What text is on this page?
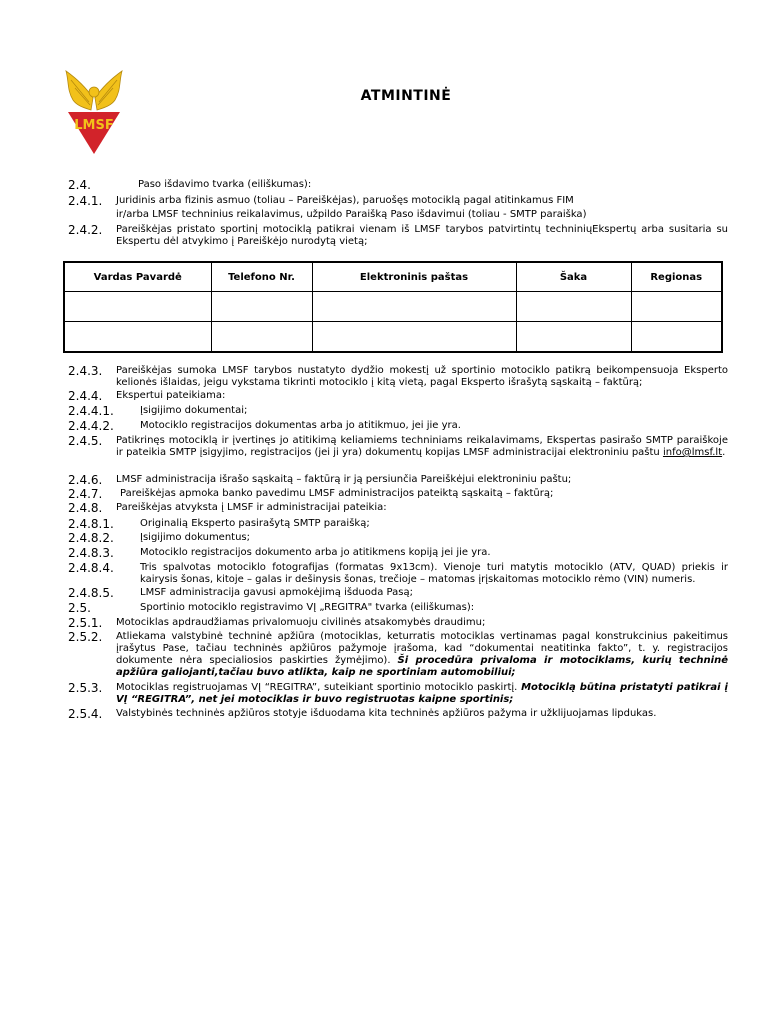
LMSF
ATMINTINĖ
2.4.	Paso išdavimo tvarka (eiliškumas):
2.4.1. Juridinis arba fizinis asmuo (toliau – Pareiškėjas), paruošęs motociklą pagal atitinkamus FIM
ir/arba LMSF techninius reikalavimus, užpildo Paraišką Paso išdavimui (toliau - SMTP paraiška)
2.4.2. Pareiškėjas pristato sportinį motociklą patikrai vienam iš LMSF tarybos patvirtintų techniniųEkspertų arba susitaria su Ekspertu dėl atvykimo į Pareiškėjo nurodytą vietą;
Vardas Pavardė	Telefono Nr.	Elektroninis paštas	Šaka	Regionas

2.4.3. Pareiškėjas sumoka LMSF tarybos nustatyto dydžio mokestį už sportinio motociklo patikrą beikompensuoja Eksperto kelionės išlaidas, jeigu vykstama tikrinti motociklo į kitą vietą, pagal Eksperto išrašytą sąskaitą – faktūrą;
2.4.4. Ekspertui pateikiama:
2.4.4.1.	Įsigijimo dokumentai;
2.4.4.2.	Motociklo registracijos dokumentas arba jo atitikmuo, jei jie yra.
2.4.5. Patikrinęs motociklą ir įvertinęs jo atitikimą keliamiems techniniams reikalavimams, Ekspertas pasirašo SMTP paraiškoje ir pateikia SMTP įsigyjimo, registracijos (jei ji yra) dokumentų kopijas LMSF administracijai elektroniniu paštu info@lmsf.lt.
2.4.6. LMSF administracija išrašo sąskaitą – faktūrą ir ją persiunčia Pareiškėjui elektroniniu paštu;
2.4.7. Pareiškėjas apmoka banko pavedimu LMSF administracijos pateiktą sąskaitą – faktūrą;
2.4.8. Pareiškėjas atvyksta į LMSF ir administracijai pateikia:
2.4.8.1.	Originalią Eksperto pasirašytą SMTP paraišką;
2.4.8.2.	Įsigijimo dokumentus;
2.4.8.3.	Motociklo registracijos dokumento arba jo atitikmens kopiją jei jie yra.
2.4.8.4.	Tris spalvotas motociklo fotografijas (formatas 9x13cm). Vienoje turi matytis motociklo (ATV, QUAD) priekis ir kairysis šonas, kitoje – galas ir dešinysis šonas, trečioje – matomas įrįskaitomas motociklo rėmo (VIN) numeris.
2.4.8.5.	LMSF administracija gavusi apmokėjimą išduoda Pasą;
2.5.	Sportinio motociklo registravimo VĮ „REGITRA" tvarka (eiliškumas):
2.5.1. Motociklas apdraudžiamas privalomuoju civilinės atsakomybės draudimu;
2.5.2. Atliekama valstybinė techninė apžiūra (motociklas, keturratis motociklas vertinamas pagal konstrukcinius pakeitimus įrašytus Pase, tačiau techninės apžiūros pažymoje įrašoma, kad “dokumentai neatitinka fakto”, t. y. registracijos dokumente nėra specialiosios paskirties žymėjimo). Ši procedūra privaloma ir motociklams, kurių techninė apžiūra galiojanti,tačiau buvo atlikta, kaip ne sportiniam automobiliui;
2.5.3. Motociklas registruojamas VĮ “REGITRA”, suteikiant sportinio motociklo paskirtį. Motociklą būtina pristatyti patikrai į VĮ “REGITRA”, net jei motociklas ir buvo registruotas kaipne sportinis;
2.5.4. Valstybinės techninės apžiūros stotyje išduodama kita techninės apžiūros pažyma ir užklijuojamas lipdukas.
